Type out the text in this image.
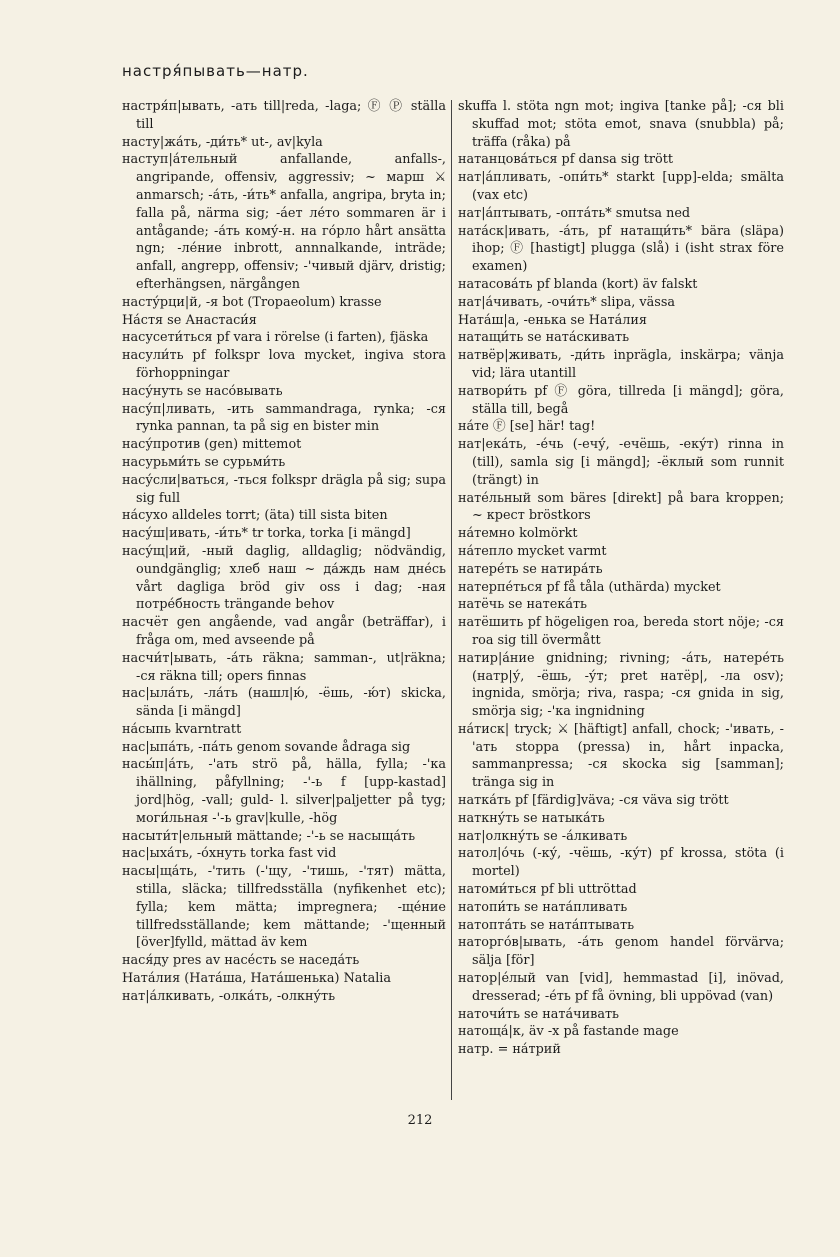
настря́пывать—натр.

настря́п|ывать, -ать till|reda, -laga; Ⓕ Ⓟ ställa till

насту|жа́ть, -ди́ть* ut-, av|kyla

наступ|а́тельный anfallande, anfalls-, angripande, offensiv, aggressiv; ~ марш ⚔ anmarsch; -а́ть, -и́ть* anfalla, angripa, bryta in; falla på, närma sig; -áет ле́то sommaren är i antågande; -а́ть кому́-н. на го́рло hårt ansätta ngn; -ле́ние inbrott, annnalkande, inträde; anfall, angrepp, offensiv; -'чивый djärv, dristig; efterhängsen, närgången

насту́рци|й, -я bot (Tropaeolum) krasse

На́стя se Анастаси́я

насусети́ться pf vara i rörelse (i farten), fjäska

насули́ть pf folkspr lova mycket, ingiva stora förhoppningar

насу́нуть se насо́вывать

насу́п|ливать, -ить sammandraga, rynka; -ся rynka pannan, ta på sig en bister min

насу́против (gen) mittemot

насурьми́ть se сурьми́ть

насу́сли|ваться, -ться folkspr drägla på sig; supa sig full

на́сухо alldeles torrt; (äta) till sista biten

насу́ш|ивать, -и́ть* tr torka, torka [i mängd]

насу́щ|ий, -ный daglig, alldaglig; nödvändig, oundgänglig; хлеб наш ~ да́ждь нам дне́сь vårt dagliga bröd giv oss i dag; -ная потре́бность trängande behov

насчёт gen angående, vad angår (beträffar), i fråga om, med avseende på

насчи́т|ывать, -а́ть räkna; samman-, ut|räkna; -ся räkna till; opers finnas

нас|ыла́ть, -ла́ть (нашл|ю́, -ёшь, -ю́т) skicka, sända [i mängd]

на́сыпь kvarntratt

нас|ыпа́ть, -па́ть genom sovande ådraga sig

насы́п|а́ть, -'ать strö på, hälla, fylla; -'ка ihällning, påfyllning; -'-ь f [upp-kastad] jord|hög, -vall; guld- l. silver|paljetter på tyg; моги́льная -'-ь grav|kulle, -hög

насыти́т|ельный mättande; -'-ь se насыща́ть

нас|ыха́ть, -о́хнуть torka fast vid

насы|ща́ть, -'тить (-'щу, -'тишь, -'тят) mätta, stilla, släcka; tillfredsställa (nyfikenhet etc); fylla; kem mätta; impregnera; -ще́ние tillfredsställande; kem mättande; -'щенный [över]fylld, mättad äv kem

нася́ду pres av насе́сть se наседа́ть

Ната́лия (Ната́ша, Ната́шенька) Natalia

нат|а́лкивать, -олка́ть, -олкну́ть

skuffa l. stöta ngn mot; ingiva [tanke på]; -ся bli skuffad mot; stöta emot, snava (snubbla) på; träffa (råka) på

натанцова́ться pf dansa sig trött

нат|а́пливать, -опи́ть* starkt [upp]-elda; smälta (vax etc)

нат|а́птывать, -опта́ть* smutsa ned

ната́ск|ивать, -а́ть, pf натащи́ть* bära (släpa) ihop; Ⓕ [hastigt] plugga (slå) i (isht strax före examen)

натасова́ть pf blanda (kort) äv falskt

нат|а́чивать, -очи́ть* slipa, vässa

Ната́ш|а, -енька se Ната́лия

натащи́ть se ната́скивать

натвёр|живать, -ди́ть inprägla, inskärpa; vänja vid; lära utantill

натвори́ть pf Ⓕ göra, tillreda [i mängd]; göra, ställa till, begå

на́те Ⓕ [se] här! tag!

нат|ека́ть, -е́чь (-ечу́, -ечёшь, -еку́т) rinna in (till), samla sig [i mängd]; -ёклый som runnit (trängt) in

нате́льный som bäres [direkt] på bara kroppen; ~ крест bröstkors

на́темно kolmörkt

на́тепло mycket varmt

натере́ть se натира́ть

натерпе́ться pf få tåla (uthärda) mycket

натёчь se натека́ть

натёшить pf högeligen roa, bereda stort nöje; -ся roa sig till övermått

натир|а́ние gnidning; rivning; -а́ть, натере́ть (натр|у́, -ёшь, -у́т; pret натёр|, -ла osv); ingnida, smörja; riva, raspa; -ся gnida in sig, smörja sig; -'ка ingnidning

на́тиск| tryck; ⚔ [häftigt] anfall, chock; -'ивать, -'ать stoppa (pressa) in, hårt inpacka, sammanpressa; -ся skocka sig [samman]; tränga sig in

натка́ть pf [färdig]väva; -ся väva sig trött

наткну́ть se натыка́ть

нат|олкну́ть se -а́лкивать

натол|о́чь (-ку́, -чёшь, -ку́т) pf krossa, stöta (i mortel)

натоми́ться pf bli uttröttad

натопи́ть se ната́пливать

натопта́ть se ната́птывать

наторго́в|ывать, -а́ть genom handel förvärva; sälja [för]

натор|е́лый van [vid], hemmastad [i], inövad, dresserad; -е́ть pf få övning, bli uppövad (van)

наточи́ть se ната́чивать

натоща́|к, äv -х på fastande mage

натр. = на́трий

212
